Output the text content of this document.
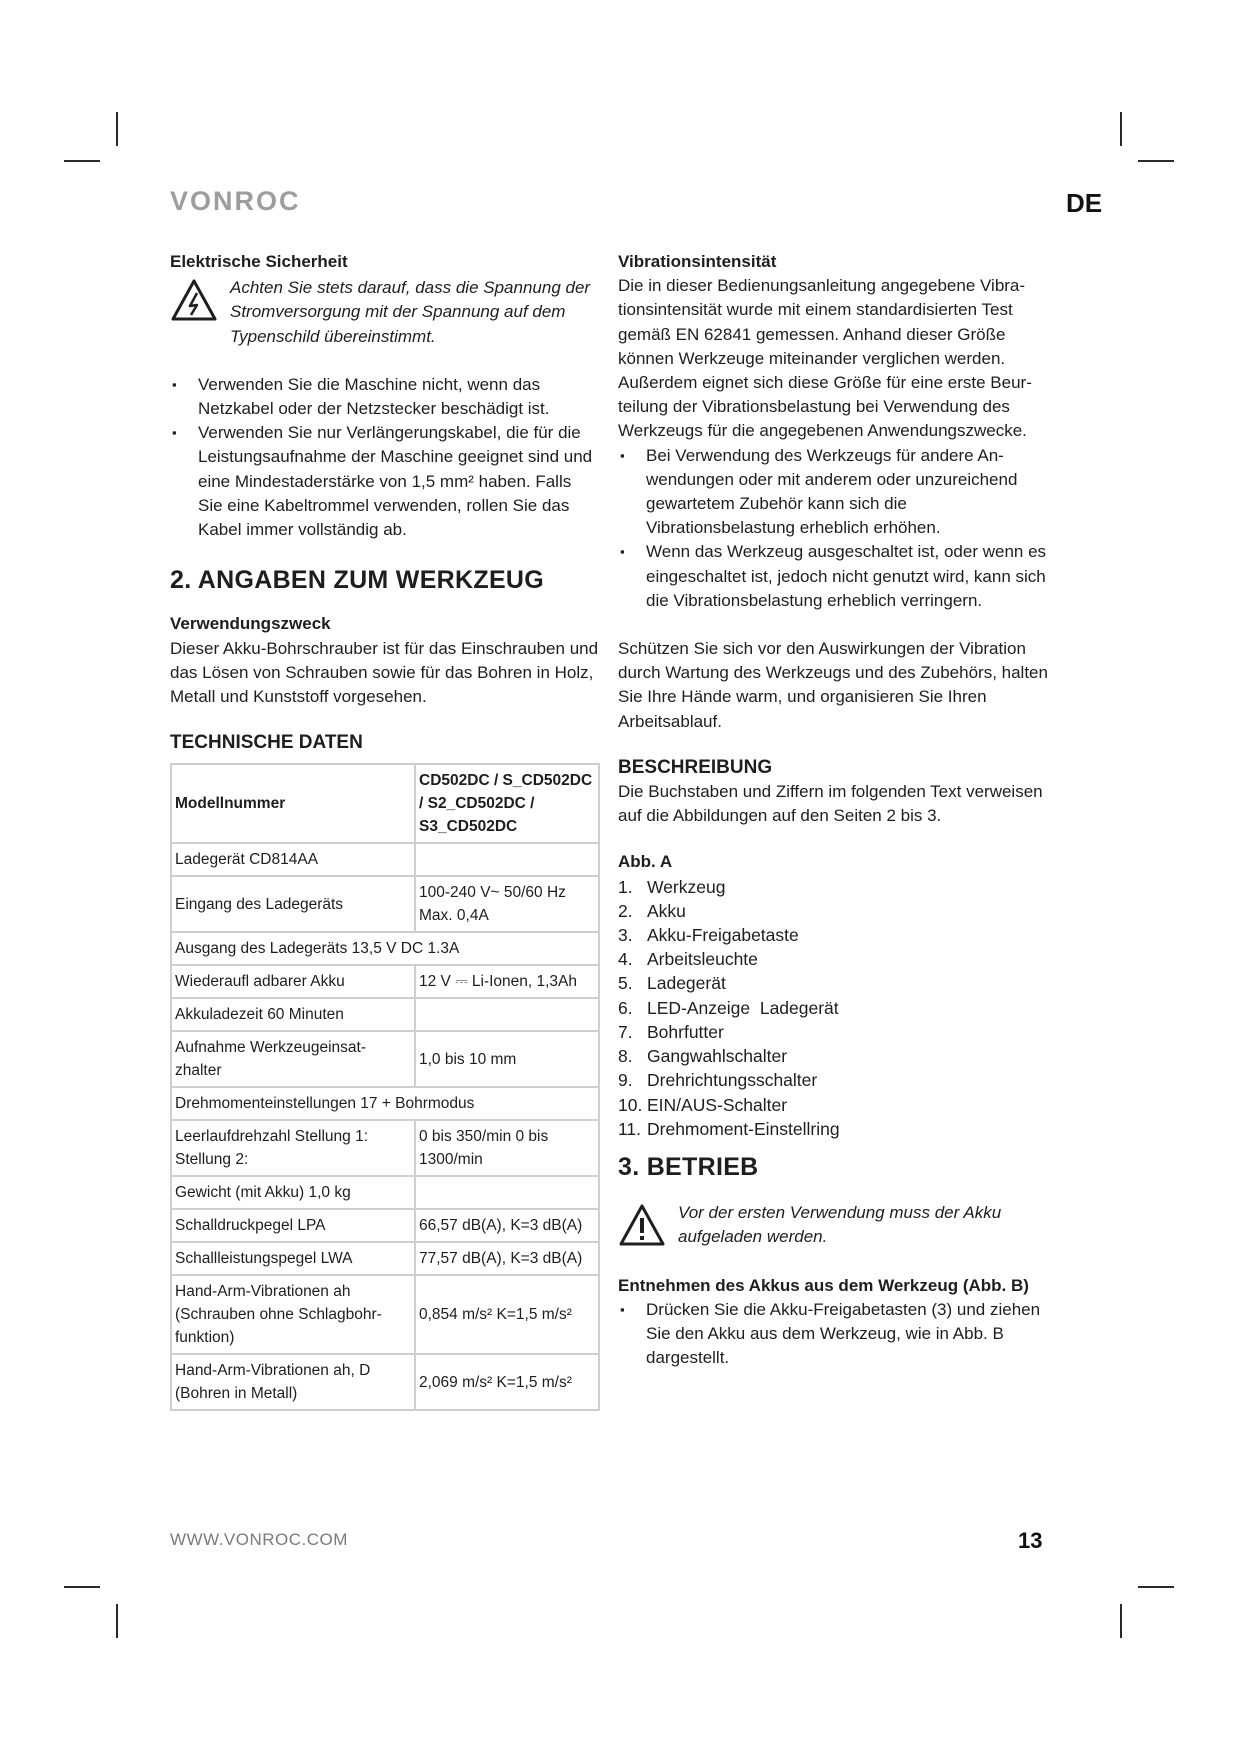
VONROC	DE
Elektrische Sicherheit
Achten Sie stets darauf, dass die Spannung der Stromversorgung mit der Spannung auf dem Typenschild übereinstimmt.
▪ Verwenden Sie die Maschine nicht, wenn das Netzkabel oder der Netzstecker beschädigt ist.
▪ Verwenden Sie nur Verlängerungskabel, die für die Leistungsaufnahme der Maschine geeignet sind und eine Mindestaderstärke von 1,5 mm² haben. Falls Sie eine Kabeltrommel verwenden, rollen Sie das Kabel immer vollständig ab.
2. ANGABEN ZUM WERKZEUG
Verwendungszweck
Dieser Akku-Bohrschrauber ist für das Einschrauben und das Lösen von Schrauben sowie für das Bohren in Holz, Metall und Kunststoff vorgesehen.
TECHNISCHE DATEN
Modellnummer	CD502DC / S_CD502DC / S2_CD502DC / S3_CD502DC
Ladegerät CD814AA	
Eingang des Ladegeräts	100-240 V~ 50/60 Hz Max. 0,4A
Ausgang des Ladegeräts 13,5 V DC 1.3A	
Wiederaufl adbarer Akku	12 V ⎓ Li-Ionen, 1,3Ah
Akkuladezeit 60 Minuten	
Aufnahme Werkzeugeinsat-zhalter	1,0 bis 10 mm
Drehmomenteinstellungen 17 + Bohrmodus	
Leerlaufdrehzahl Stellung 1: Stellung 2:	0 bis 350/min 0 bis 1300/min
Gewicht (mit Akku) 1,0 kg	
Schalldruckpegel LPA	66,57 dB(A), K=3 dB(A)
Schallleistungspegel LWA	77,57 dB(A), K=3 dB(A)
Hand-Arm-Vibrationen ah (Schrauben ohne Schlagbohr-funktion)	0,854 m/s² K=1,5 m/s²
Hand-Arm-Vibrationen ah, D (Bohren in Metall)	2,069 m/s² K=1,5 m/s²
Vibrationsintensität
Die in dieser Bedienungsanleitung angegebene Vibra-tionsintensität wurde mit einem standardisierten Test gemäß EN 62841 gemessen. Anhand dieser Größe können Werkzeuge miteinander verglichen werden. Außerdem eignet sich diese Größe für eine erste Beur-teilung der Vibrationsbelastung bei Verwendung des Werkzeugs für die angegebenen Anwendungszwecke.
▪ Bei Verwendung des Werkzeugs für andere An-wendungen oder mit anderem oder unzureichend gewartetem Zubehör kann sich die Vibrationsbelastung erheblich erhöhen.
▪ Wenn das Werkzeug ausgeschaltet ist, oder wenn es eingeschaltet ist, jedoch nicht genutzt wird, kann sich die Vibrationsbelastung erheblich verringern.
Schützen Sie sich vor den Auswirkungen der Vibration durch Wartung des Werkzeugs und des Zubehörs, halten Sie Ihre Hände warm, und organisieren Sie Ihren Arbeitsablauf.
BESCHREIBUNG
Die Buchstaben und Ziffern im folgenden Text verweisen auf die Abbildungen auf den Seiten 2 bis 3.
Abb. A
1. Werkzeug
2. Akku
3. Akku-Freigabetaste
4. Arbeitsleuchte
5. Ladegerät
6. LED-Anzeige  Ladegerät
7. Bohrfutter
8. Gangwahlschalter
9. Drehrichtungsschalter
10. EIN/AUS-Schalter
11. Drehmoment-Einstellring
3. BETRIEB
Vor der ersten Verwendung muss der Akku aufgeladen werden.
Entnehmen des Akkus aus dem Werkzeug (Abb. B)
▪ Drücken Sie die Akku-Freigabetasten (3) und ziehen Sie den Akku aus dem Werkzeug, wie in Abb. B dargestellt.
WWW.VONROC.COM	13
